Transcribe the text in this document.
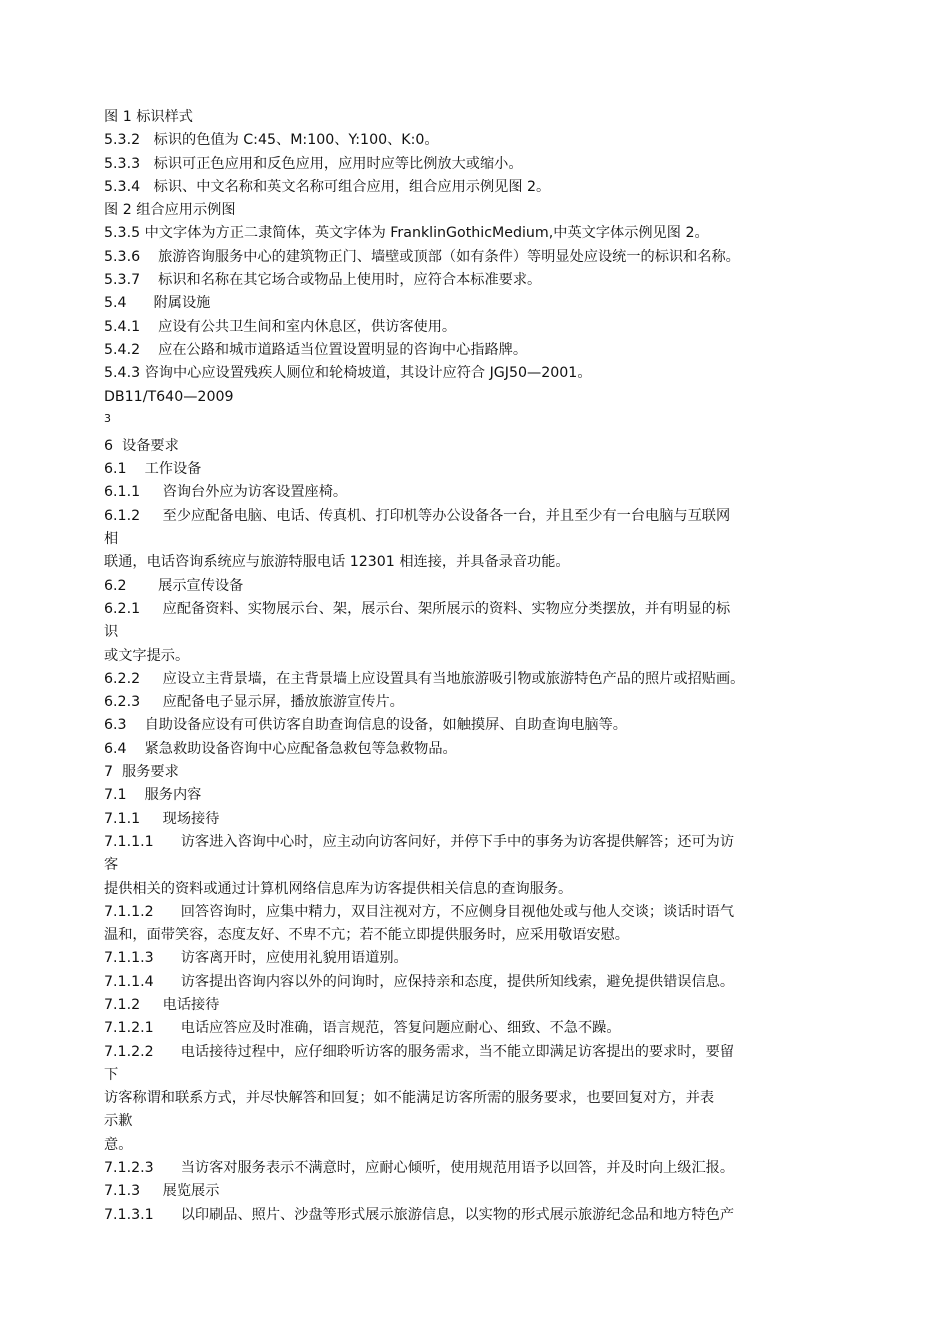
图 1 标识样式
5.3.2   标识的色值为 C:45、M:100、Y:100、K:0。
5.3.3   标识可正色应用和反色应用，应用时应等比例放大或缩小。
5.3.4   标识、中文名称和英文名称可组合应用，组合应用示例见图 2。
图 2 组合应用示例图
5.3.5 中文字体为方正二隶简体，英文字体为 FranklinGothicMedium,中英文字体示例见图 2。
5.3.6    旅游咨询服务中心的建筑物正门、墙壁或顶部（如有条件）等明显处应设统一的标识和名称。
5.3.7    标识和名称在其它场合或物品上使用时，应符合本标准要求。
5.4      附属设施
5.4.1    应设有公共卫生间和室内休息区，供访客使用。
5.4.2    应在公路和城市道路适当位置设置明显的咨询中心指路牌。
5.4.3 咨询中心应设置残疾人厕位和轮椅坡道，其设计应符合 JGJ50—2001。
DB11/T640—2009
3
6  设备要求
6.1    工作设备
6.1.1     咨询台外应为访客设置座椅。
6.1.2     至少应配备电脑、电话、传真机、打印机等办公设备各一台，并且至少有一台电脑与互联网
相
联通，电话咨询系统应与旅游特服电话 12301 相连接，并具备录音功能。
6.2       展示宣传设备
6.2.1     应配备资料、实物展示台、架，展示台、架所展示的资料、实物应分类摆放，并有明显的标
识
或文字提示。
6.2.2     应设立主背景墙，在主背景墙上应设置具有当地旅游吸引物或旅游特色产品的照片或招贴画。
6.2.3     应配备电子显示屏，播放旅游宣传片。
6.3    自助设备应设有可供访客自助查询信息的设备，如触摸屏、自助查询电脑等。
6.4    紧急救助设备咨询中心应配备急救包等急救物品。
7  服务要求
7.1    服务内容
7.1.1     现场接待
7.1.1.1      访客进入咨询中心时，应主动向访客问好，并停下手中的事务为访客提供解答；还可为访
客
提供相关的资料或通过计算机网络信息库为访客提供相关信息的查询服务。
7.1.1.2      回答咨询时，应集中精力，双目注视对方，不应侧身目视他处或与他人交谈；谈话时语气
温和，面带笑容，态度友好、不卑不亢；若不能立即提供服务时，应采用敬语安慰。
7.1.1.3      访客离开时，应使用礼貌用语道别。
7.1.1.4      访客提出咨询内容以外的问询时，应保持亲和态度，提供所知线索，避免提供错误信息。
7.1.2     电话接待
7.1.2.1      电话应答应及时准确，语言规范，答复问题应耐心、细致、不急不躁。
7.1.2.2      电话接待过程中，应仔细聆听访客的服务需求，当不能立即满足访客提出的要求时，要留
下
访客称谓和联系方式，并尽快解答和回复；如不能满足访客所需的服务要求，也要回复对方，并表
示歉
意。
7.1.2.3      当访客对服务表示不满意时，应耐心倾听，使用规范用语予以回答，并及时向上级汇报。
7.1.3     展览展示
7.1.3.1      以印刷品、照片、沙盘等形式展示旅游信息，以实物的形式展示旅游纪念品和地方特色产
